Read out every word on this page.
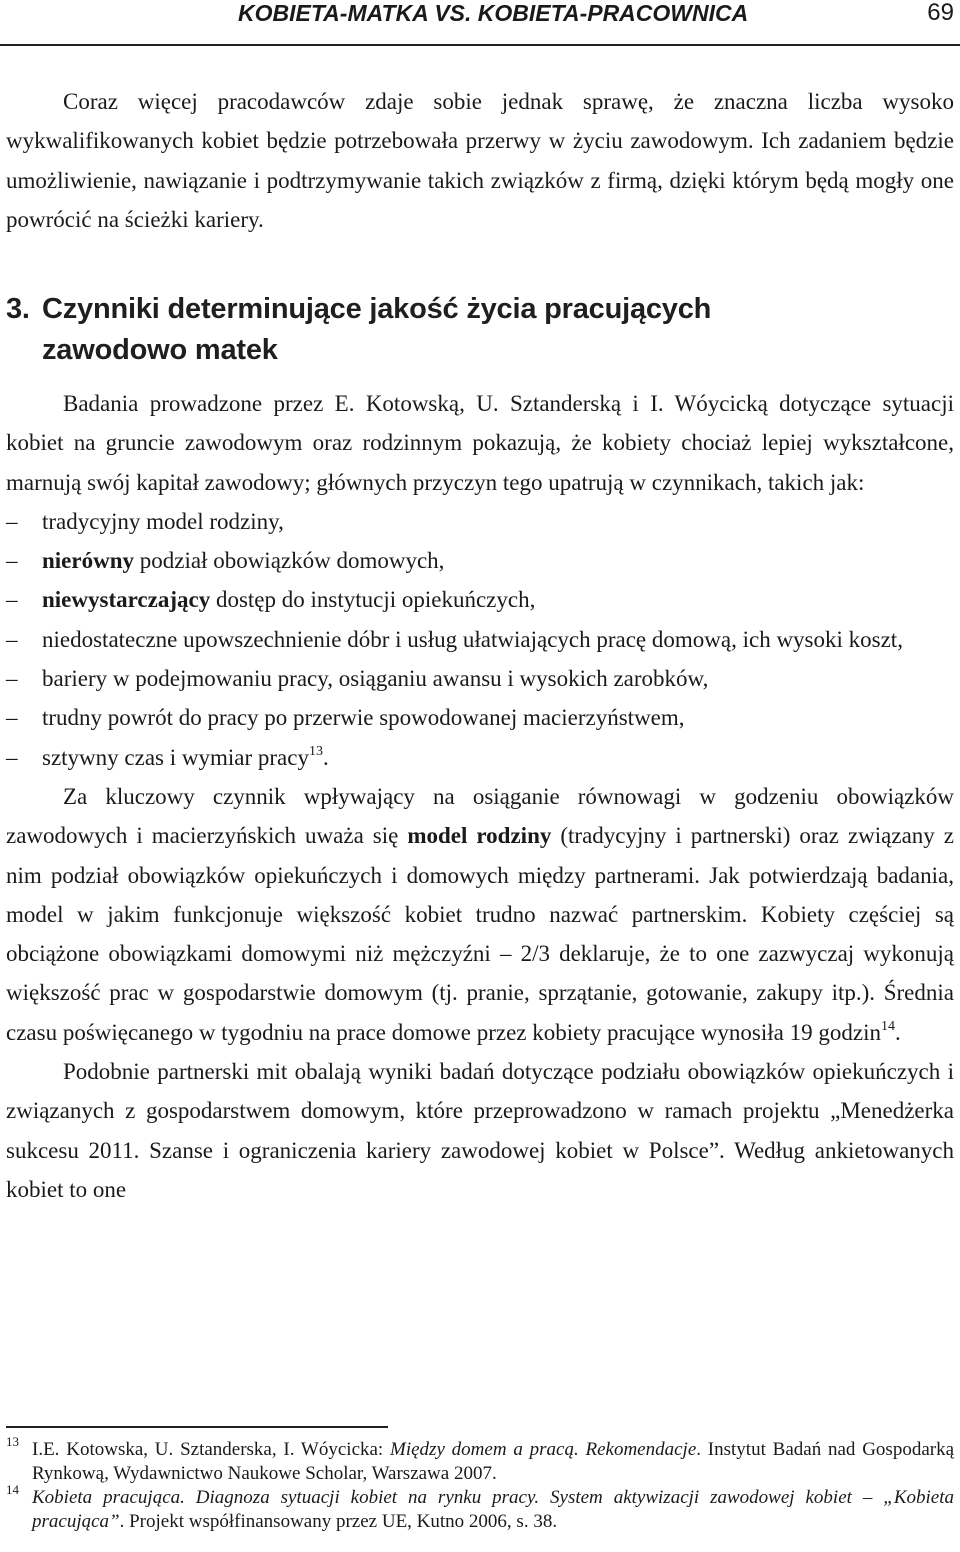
KOBIETA-MATKA VS. KOBIETA-PRACOWNICA	69

Coraz więcej pracodawców zdaje sobie jednak sprawę, że znaczna liczba wysoko wykwalifikowanych kobiet będzie potrzebowała przerwy w życiu zawodowym. Ich zadaniem będzie umożliwienie, nawiązanie i podtrzymywanie takich związków z firmą, dzięki którym będą mogły one powrócić na ścieżki kariery.

3. Czynniki determinujące jakość życia pracujących
zawodowo matek

Badania prowadzone przez E. Kotowską, U. Sztanderską i I. Wóycicką dotyczące sytuacji kobiet na gruncie zawodowym oraz rodzinnym pokazują, że kobiety chociaż lepiej wykształcone, marnują swój kapitał zawodowy; głównych przyczyn tego upatrują w czynnikach, takich jak:

– tradycyjny model rodziny,
– nierówny podział obowiązków domowych,
– niewystarczający dostęp do instytucji opiekuńczych,
– niedostateczne upowszechnienie dóbr i usług ułatwiających pracę domową, ich wysoki koszt,
– bariery w podejmowaniu pracy, osiąganiu awansu i wysokich zarobków,
– trudny powrót do pracy po przerwie spowodowanej macierzyństwem,
– sztywny czas i wymiar pracy$^{13}$.

Za kluczowy czynnik wpływający na osiąganie równowagi w godzeniu obowiązków zawodowych i macierzyńskich uważa się model rodziny (tradycyjny i partnerski) oraz związany z nim podział obowiązków opiekuńczych i domowych między partnerami. Jak potwierdzają badania, model w jakim funkcjonuje większość kobiet trudno nazwać partnerskim. Kobiety częściej są obciążone obowiązkami domowymi niż mężczyźni – 2/3 deklaruje, że to one zazwyczaj wykonują większość prac w gospodarstwie domowym (tj. pranie, sprzątanie, gotowanie, zakupy itp.). Średnia czasu poświęcanego w tygodniu na prace domowe przez kobiety pracujące wynosiła 19 godzin$^{14}$.

Podobnie partnerski mit obalają wyniki badań dotyczące podziału obowiązków opiekuńczych i związanych z gospodarstwem domowym, które przeprowadzono w ramach projektu „Menedżerka sukcesu 2011. Szanse i ograniczenia kariery zawodowej kobiet w Polsce”. Według ankietowanych kobiet to one

13 I.E. Kotowska, U. Sztanderska, I. Wóycicka: Między domem a pracą. Rekomendacje. Instytut Badań nad Gospodarką Rynkową, Wydawnictwo Naukowe Scholar, Warszawa 2007.

14 Kobieta pracująca. Diagnoza sytuacji kobiet na rynku pracy. System aktywizacji zawodowej kobiet – „Kobieta pracująca”. Projekt współfinansowany przez UE, Kutno 2006, s. 38.
